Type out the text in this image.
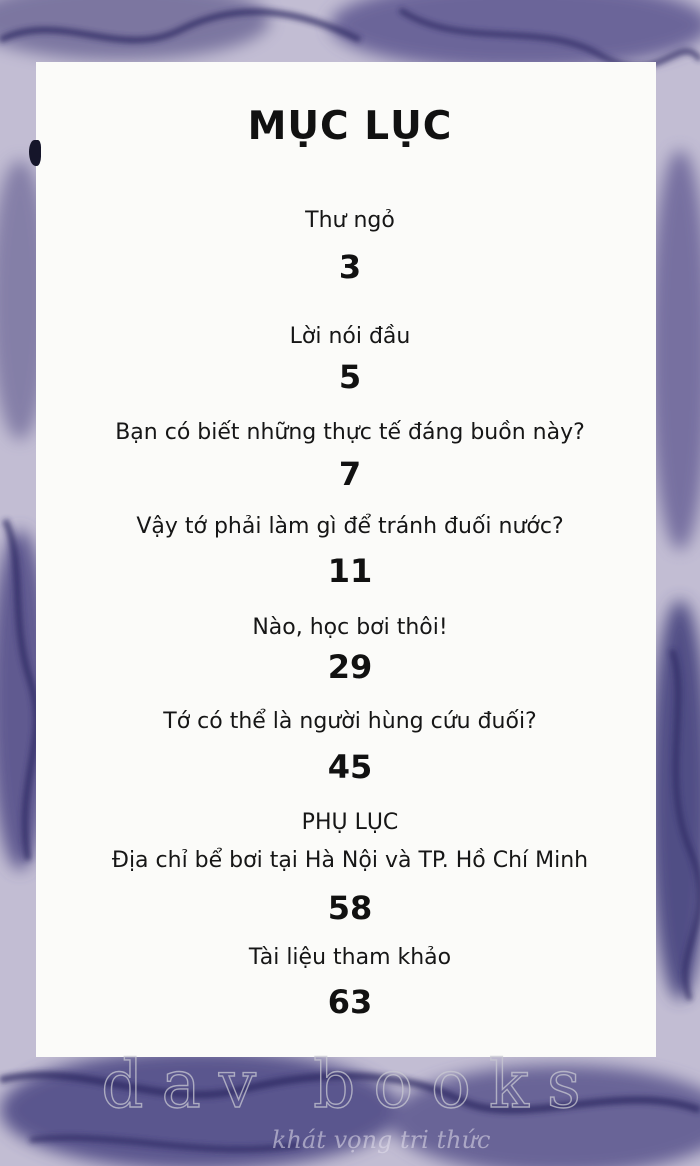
MỤC LỤC
Thư ngỏ
3
Lời nói đầu
5
Bạn có biết những thực tế đáng buồn này?
7
Vậy tớ phải làm gì để tránh đuối nước?
11
Nào, học bơi thôi!
29
Tớ có thể là người hùng cứu đuối?
45
PHỤ LỤC
Địa chỉ bể bơi tại Hà Nội và TP. Hồ Chí Minh
58
Tài liệu tham khảo
63
dav books
khát vọng tri thức
